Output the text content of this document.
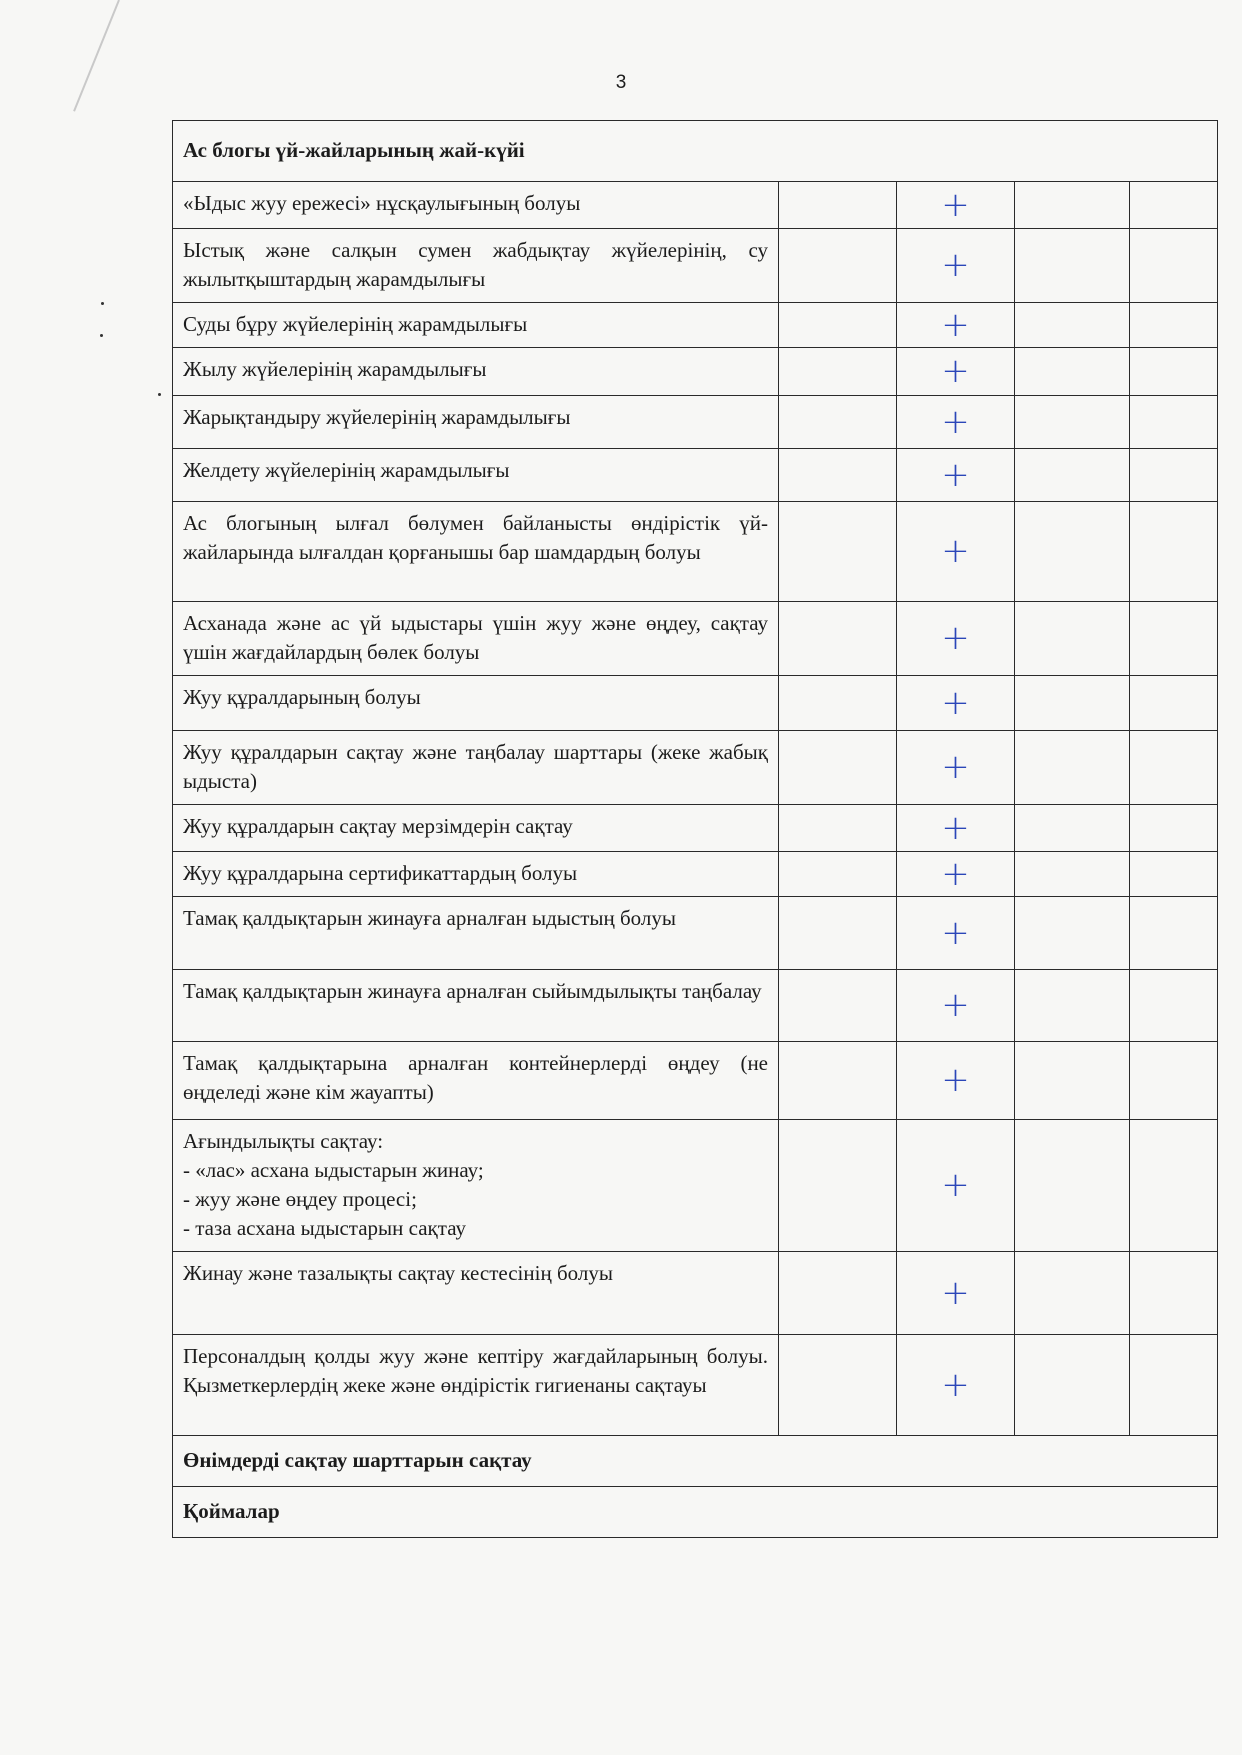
3
Ас блогы үй-жайларының жай-күйі				

«Ыдыс жуу ережесі» нұсқаулығының болуы		+		

Ыстық және салқын сумен жабдықтау жүйелерінің, су жылытқыштардың жарамдылығы		+		

Суды бұру жүйелерінің жарамдылығы		+		

Жылу жүйелерінің жарамдылығы		+		

Жарықтандыру жүйелерінің жарамдылығы		+		

Желдету жүйелерінің жарамдылығы		+		

Ас блогының ылғал бөлумен байланысты өндірістік үй-жайларында ылғалдан қорғанышы бар шамдардың болуы		+		

Асханада және ас үй ыдыстары үшін жуу және өңдеу, сақтау үшін жағдайлардың бөлек болуы		+		

Жуу құралдарының болуы		+		

Жуу құралдарын сақтау және таңбалау шарттары (жеке жабық ыдыста)		+		

Жуу құралдарын сақтау мерзімдерін сақтау		+		

Жуу құралдарына сертификаттардың болуы		+		

Тамақ қалдықтарын жинауға арналған ыдыстың болуы		+		

Тамақ қалдықтарын жинауға арналған сыйымдылықты таңбалау		+		

Тамақ қалдықтарына арналған контейнерлерді өңдеу (не өңделеді және кім жауапты)		+		

Ағындылықты сақтау:
- «лас» асхана ыдыстарын жинау;
- жуу және өңдеу процесі;
- таза асхана ыдыстарын сақтау		+		

Жинау және тазалықты сақтау кестесінің болуы		+		

Персоналдың қолды жуу және кептіру жағдайларының болуы. Қызметкерлердің жеке және өндірістік гигиенаны сақтауы		+		
Өнімдерді сақтау шарттарын сақтау				
Қоймалар				
